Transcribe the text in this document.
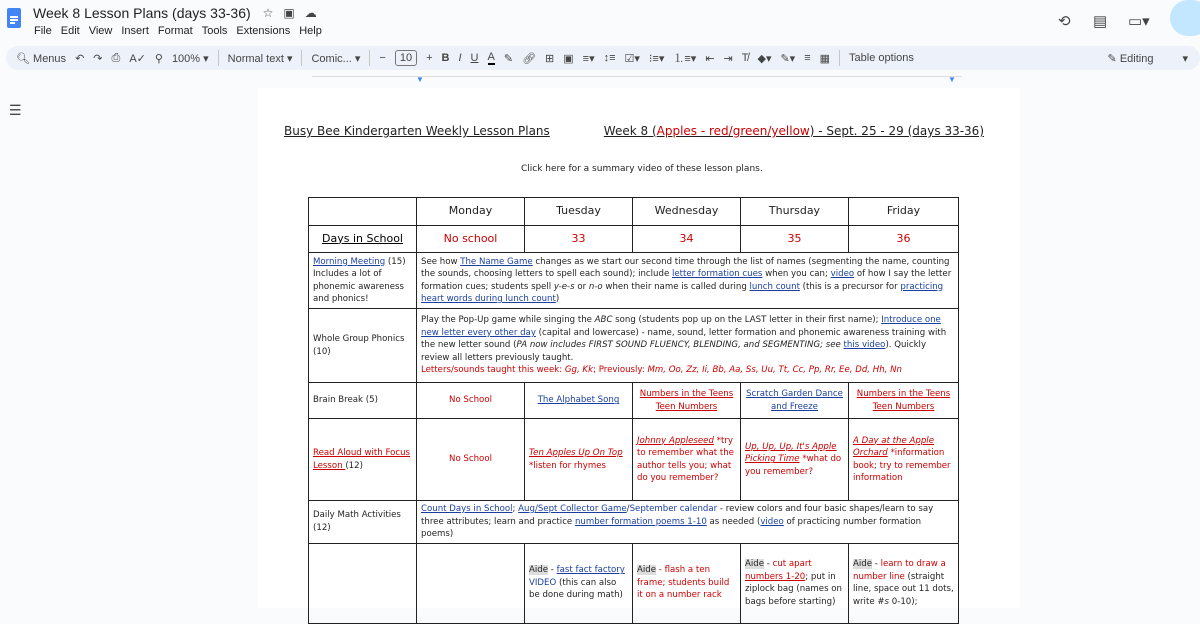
Week 8 Lesson Plans (days 33-36) ☆ ▣ ☁
File Edit View Insert Format Tools Extensions Help
⟲ ▤ ▭▾
🔍︎ Menus ↶ ↷ ⎙ A✓ ⚲ 100% ▾ Normal text ▾ Comic... ▾ −	10	+ B I U A ✎ 🔗︎ ⊞ ▣ ≡▾ ↕≡ ☑▾ ⁝≡▾ ⒈≡▾ ⇤ ⇥ T̸ ◆▾ ✎▾ ≡ ▦ Table options	✎ Editing	▾
▼	▼
☰
Busy Bee Kindergarten Weekly Lesson Plans	Week 8 (Apples - red/green/yellow) - Sept. 25 - 29 (days 33-36)
Click here for a summary video of these lesson plans.
	Monday	Tuesday	Wednesday	Thursday	Friday
Days in School	No school	33	34	35	36
Morning Meeting (15) Includes a lot of phonemic awareness and phonics!	See how The Name Game changes as we start our second time through the list of names (segmenting the name, counting the sounds, choosing letters to spell each sound); include letter formation cues when you can; video of how I say the letter formation cues; students spell y-e-s or n-o when their name is called during lunch count (this is a precursor for practicing heart words during lunch count)				
Whole Group Phonics (10)	Play the Pop-Up game while singing the ABC song (students pop up on the LAST letter in their first name); Introduce one new letter every other day (capital and lowercase) - name, sound, letter formation and phonemic awareness training with the new letter sound (PA now includes FIRST SOUND FLUENCY, BLENDING, and SEGMENTING; see this video). Quickly review all letters previously taught.
Letters/sounds taught this week: Gg, Kk; Previously: Mm, Oo, Zz, Ii, Bb, Aa, Ss, Uu, Tt, Cc, Pp, Rr, Ee, Dd, Hh, Nn				

Brain Break (5)	No School	The Alphabet Song	Numbers in the Teens Teen Numbers	Scratch Garden Dance and Freeze	Numbers in the Teens Teen Numbers
Read Aloud with Focus Lesson (12)	No School	Ten Apples Up On Top *listen for rhymes	Johnny Appleseed *try to remember what the author tells you; what do you remember?	Up, Up, Up, It's Apple Picking Time *what do you remember?	A Day at the Apple Orchard *information book; try to remember information
Daily Math Activities (12)	Count Days in School; Aug/Sept Collector Game/September calendar - review colors and four basic shapes/learn to say three attributes; learn and practice number formation poems 1-10 as needed (video of practicing number formation poems)				
		Aide - fast fact factory VIDEO (this can also be done during math)	Aide - flash a ten frame; students build it on a number rack	Aide - cut apart numbers 1-20; put in ziplock bag (names on bags before starting)	Aide - learn to draw a number line (straight line, space out 11 dots, write #s 0-10);
